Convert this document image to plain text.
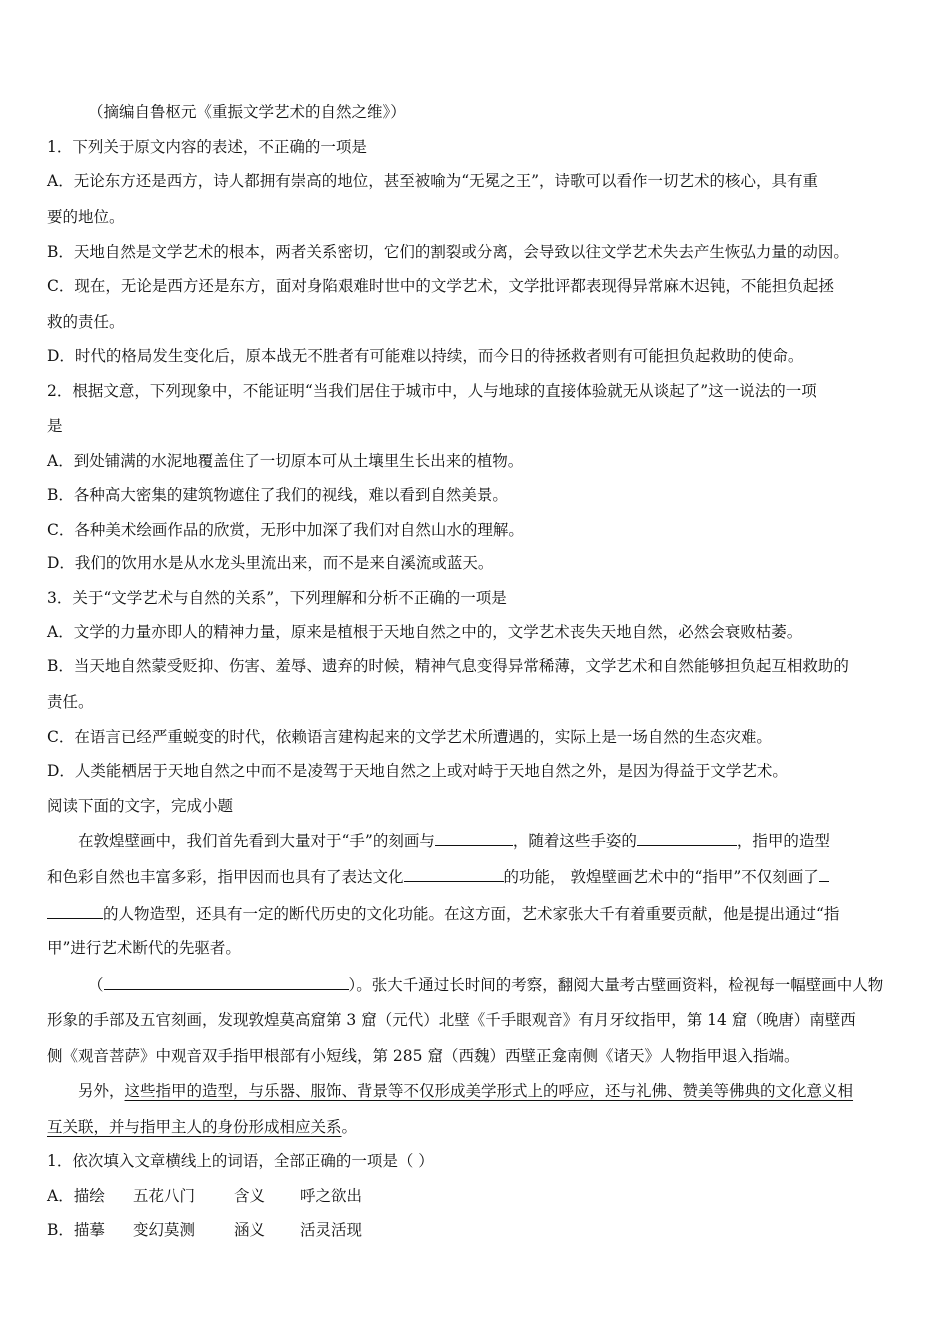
（摘编自鲁枢元《重振文学艺术的自然之维》）
1．下列关于原文内容的表述，不正确的一项是
A．无论东方还是西方，诗人都拥有崇高的地位，甚至被喻为“无冕之王”，诗歌可以看作一切艺术的核心，具有重
要的地位。
B．天地自然是文学艺术的根本，两者关系密切，它们的割裂或分离，会导致以往文学艺术失去产生恢弘力量的动因。
C．现在，无论是西方还是东方，面对身陷艰难时世中的文学艺术，文学批评都表现得异常麻木迟钝，不能担负起拯
救的责任。
D．时代的格局发生变化后，原本战无不胜者有可能难以持续，而今日的待拯救者则有可能担负起救助的使命。
2．根据文意，下列现象中，不能证明“当我们居住于城市中，人与地球的直接体验就无从谈起了”这一说法的一项
是
A．到处铺满的水泥地覆盖住了一切原本可从土壤里生长出来的植物。
B．各种高大密集的建筑物遮住了我们的视线，难以看到自然美景。
C．各种美术绘画作品的欣赏，无形中加深了我们对自然山水的理解。
D．我们的饮用水是从水龙头里流出来，而不是来自溪流或蓝天。
3．关于“文学艺术与自然的关系”，下列理解和分析不正确的一项是
A．文学的力量亦即人的精神力量，原来是植根于天地自然之中的，文学艺术丧失天地自然，必然会衰败枯萎。
B．当天地自然蒙受贬抑、伤害、羞辱、遗弃的时候，精神气息变得异常稀薄，文学艺术和自然能够担负起互相救助的
责任。
C．在语言已经严重蜕变的时代，依赖语言建构起来的文学艺术所遭遇的，实际上是一场自然的生态灾难。
D．人类能栖居于天地自然之中而不是凌驾于天地自然之上或对峙于天地自然之外，是因为得益于文学艺术。
阅读下面的文字，完成小题
在敦煌壁画中，我们首先看到大量对于“手”的刻画与	，随着这些手姿的	，指甲的造型
和色彩自然也丰富多彩，指甲因而也具有了表达文化	的功能， 敦煌壁画艺术中的“指甲”不仅刻画了
的人物造型，还具有一定的断代历史的文化功能。在这方面，艺术家张大千有着重要贡献，他是提出通过“指
甲”进行艺术断代的先驱者。
（	）。张大千通过长时间的考察，翻阅大量考古壁画资料，检视每一幅壁画中人物
形象的手部及五官刻画，发现敦煌莫高窟第 3 窟（元代）北壁《千手眼观音》有月牙纹指甲，第 14 窟（晚唐）南壁西
侧《观音菩萨》中观音双手指甲根部有小短线，第 285 窟（西魏）西壁正龛南侧《诸天》人物指甲退入指端。
另外，这些指甲的造型，与乐器、服饰、背景等不仅形成美学形式上的呼应，还与礼佛、赞美等佛典的文化意义相
互关联，并与指甲主人的身份形成相应关系。
1．依次填入文章横线上的词语，全部正确的一项是（ ）
A．描绘 五花八门	含义 呼之欲出
B．描摹 变幻莫测	涵义 活灵活现
